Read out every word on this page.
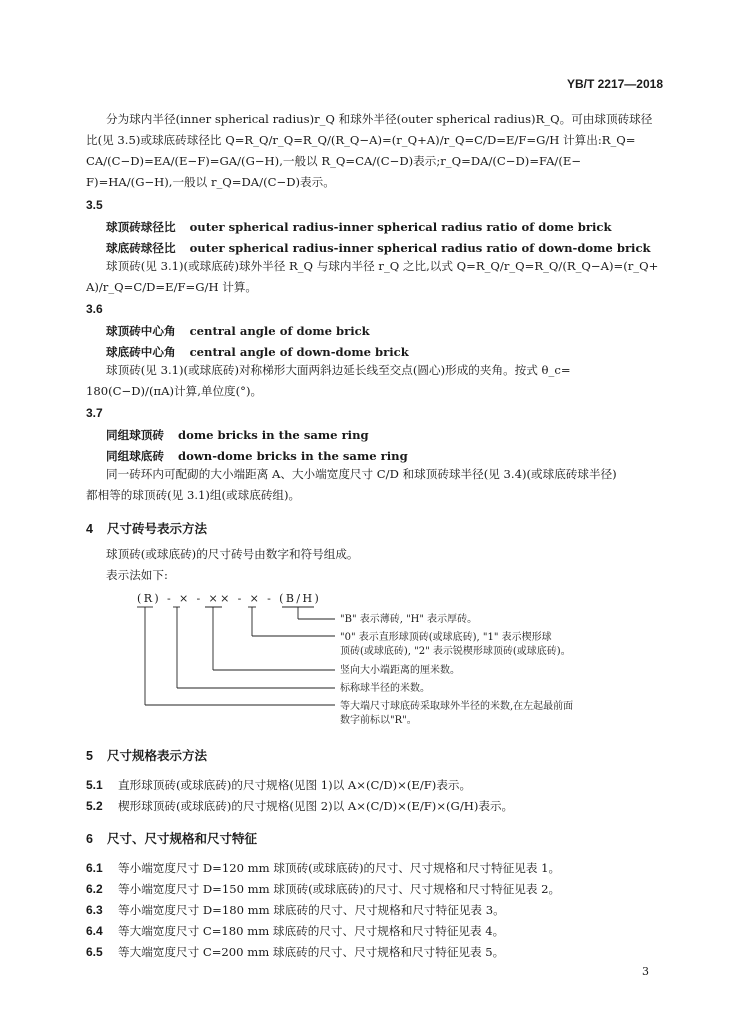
YB/T 2217—2018
分为球内半径(inner spherical radius)r_Q 和球外半径(outer spherical radius)R_Q。可由球顶砖球径
比(见 3.5)或球底砖球径比 Q=R_Q/r_Q=R_Q/(R_Q−A)=(r_Q+A)/r_Q=C/D=E/F=G/H 计算出:R_Q=
CA/(C−D)=EA/(E−F)=GA/(G−H),一般以 R_Q=CA/(C−D)表示;r_Q=DA/(C−D)=FA/(E−
F)=HA/(G−H),一般以 r_Q=DA/(C−D)表示。
3.5
球顶砖球径比 outer spherical radius-inner spherical radius ratio of dome brick
球底砖球径比 outer spherical radius-inner spherical radius ratio of down-dome brick
球顶砖(见 3.1)(或球底砖)球外半径 R_Q 与球内半径 r_Q 之比,以式 Q=R_Q/r_Q=R_Q/(R_Q−A)=(r_Q+
A)/r_Q=C/D=E/F=G/H 计算。
3.6
球顶砖中心角 central angle of dome brick
球底砖中心角 central angle of down-dome brick
球顶砖(见 3.1)(或球底砖)对称梯形大面两斜边延长线至交点(圆心)形成的夹角。按式 θ_c=
180(C−D)/(πA)计算,单位度(°)。
3.7
同组球顶砖 dome bricks in the same ring
同组球底砖 down-dome bricks in the same ring
同一砖环内可配砌的大小端距离 A、大小端宽度尺寸 C/D 和球顶砖球半径(见 3.4)(或球底砖球半径)
都相等的球顶砖(见 3.1)组(或球底砖组)。
4 尺寸砖号表示方法
球顶砖(或球底砖)的尺寸砖号由数字和符号组成。
表示法如下:
(R) - × - ×× - × - (B/H)
"B" 表示薄砖, "H" 表示厚砖。
"0" 表示直形球顶砖(或球底砖), "1" 表示楔形球
顶砖(或球底砖), "2" 表示锐楔形球顶砖(或球底砖)。
竖向大小端距离的厘米数。
标称球半径的米数。
等大端尺寸球底砖采取球外半径的米数,在左起最前面
数字前标以"R"。
5 尺寸规格表示方法
5.1 直形球顶砖(或球底砖)的尺寸规格(见图 1)以 A×(C/D)×(E/F)表示。
5.2 楔形球顶砖(或球底砖)的尺寸规格(见图 2)以 A×(C/D)×(E/F)×(G/H)表示。
6 尺寸、尺寸规格和尺寸特征
6.1 等小端宽度尺寸 D=120 mm 球顶砖(或球底砖)的尺寸、尺寸规格和尺寸特征见表 1。
6.2 等小端宽度尺寸 D=150 mm 球顶砖(或球底砖)的尺寸、尺寸规格和尺寸特征见表 2。
6.3 等小端宽度尺寸 D=180 mm 球底砖的尺寸、尺寸规格和尺寸特征见表 3。
6.4 等大端宽度尺寸 C=180 mm 球底砖的尺寸、尺寸规格和尺寸特征见表 4。
6.5 等大端宽度尺寸 C=200 mm 球底砖的尺寸、尺寸规格和尺寸特征见表 5。
3
